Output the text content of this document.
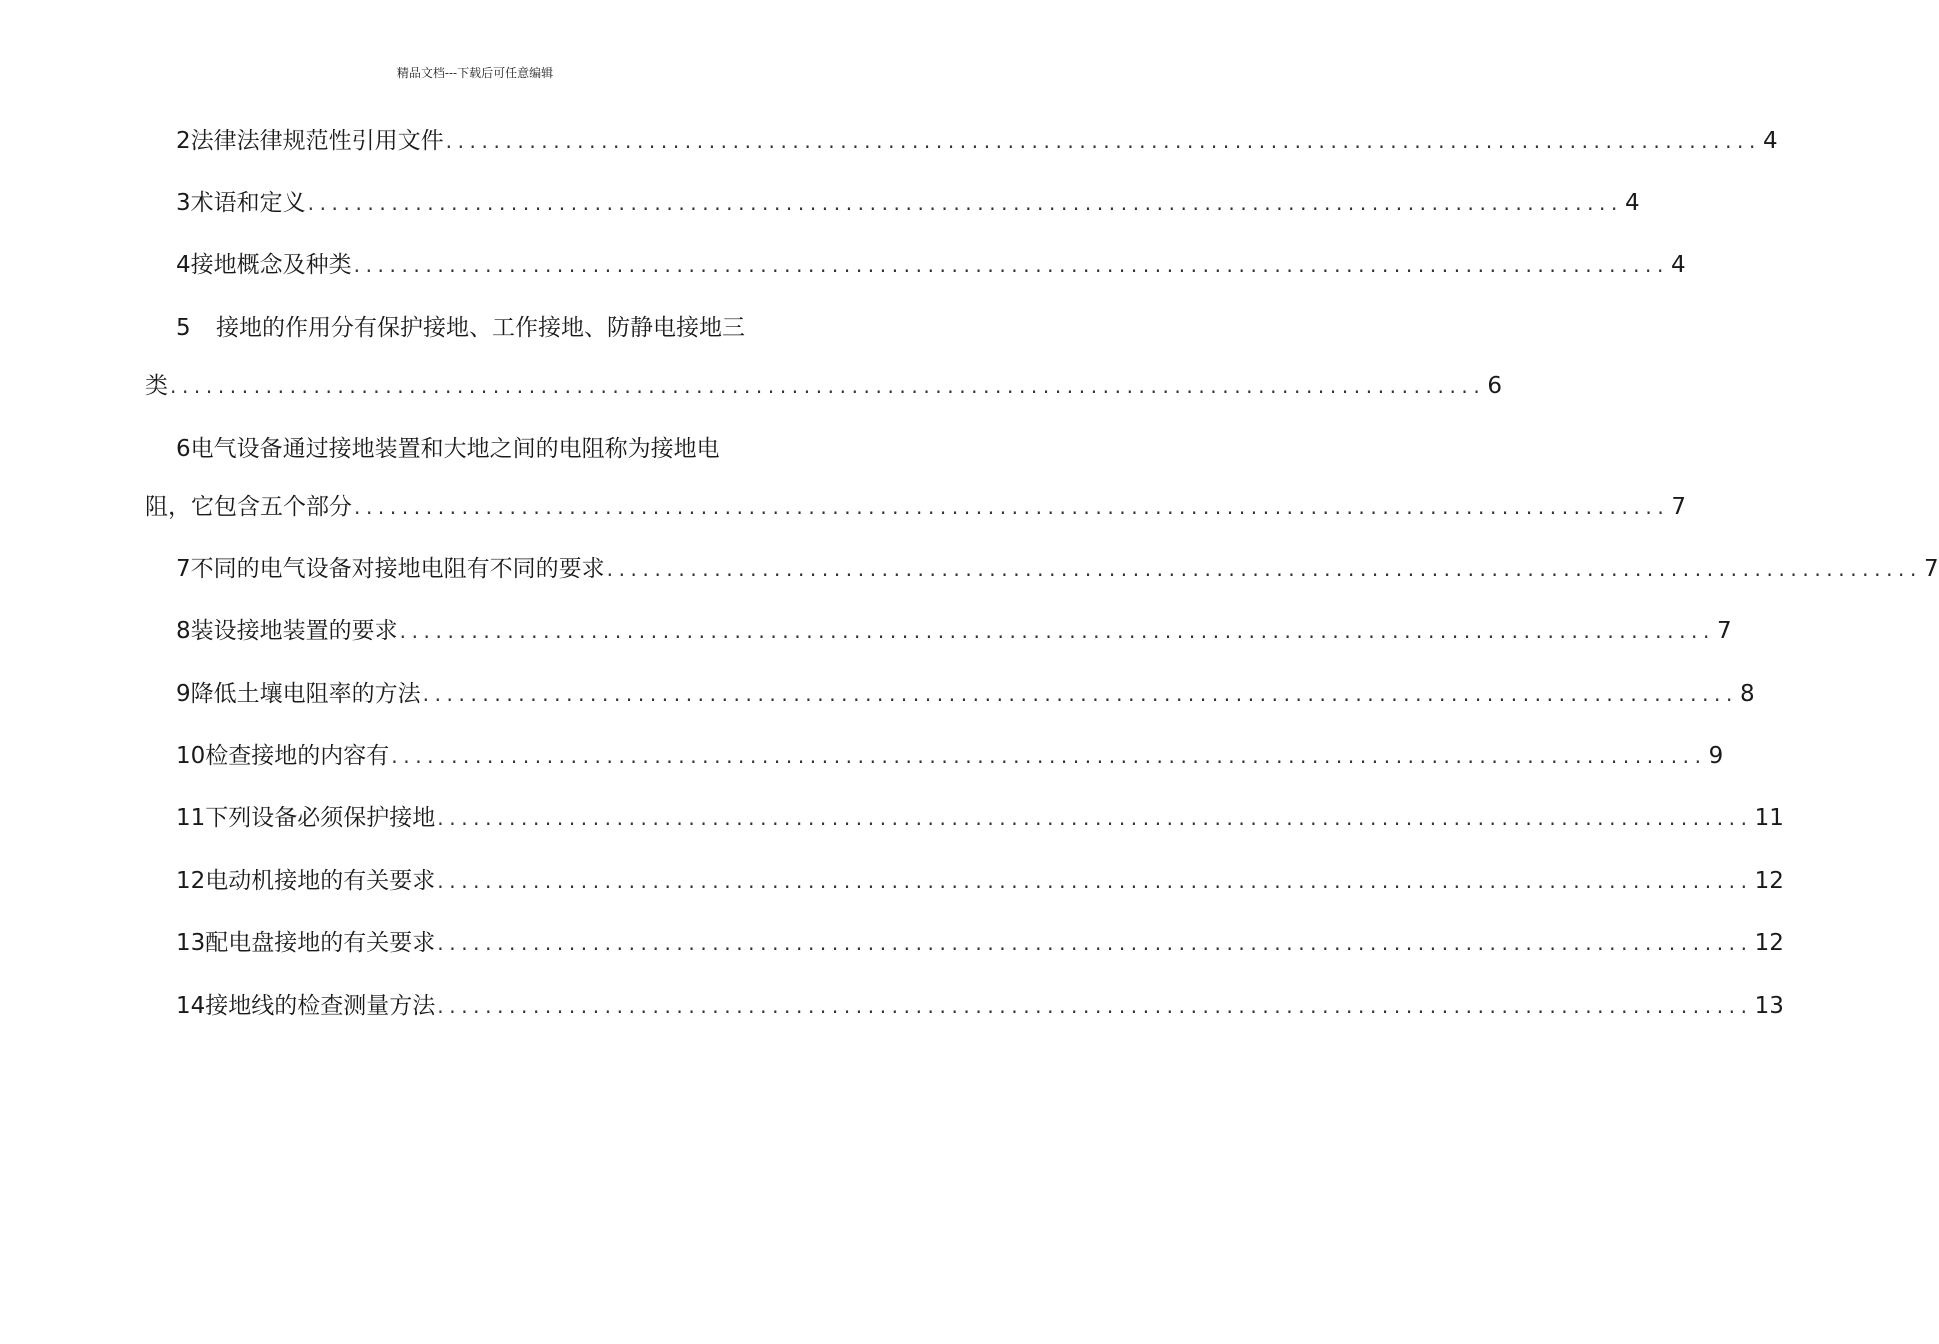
精品文档---下载后可任意编辑
2 法律法律规范性引用文件 .............................................................................................................. 4
3 术语和定义 .............................................................................................................. 4
4 接地概念及种类 .............................................................................................................. 4
5 接地的作用分有保护接地、工作接地、防静电接地三
类 .............................................................................................................. 6
6电气设备通过接地装置和大地之间的电阻称为接地电
阻，它包含五个部分 .............................................................................................................. 7
7 不同的电气设备对接地电阻有不同的要求 .............................................................................................................. 7
8 装设接地装置的要求 .............................................................................................................. 7
9 降低土壤电阻率的方法 .............................................................................................................. 8
10 检查接地的内容有 .............................................................................................................. 9
11 下列设备必须保护接地 .............................................................................................................. 11
12 电动机接地的有关要求 .............................................................................................................. 12
13 配电盘接地的有关要求 .............................................................................................................. 12
14 接地线的检查测量方法 .............................................................................................................. 13
